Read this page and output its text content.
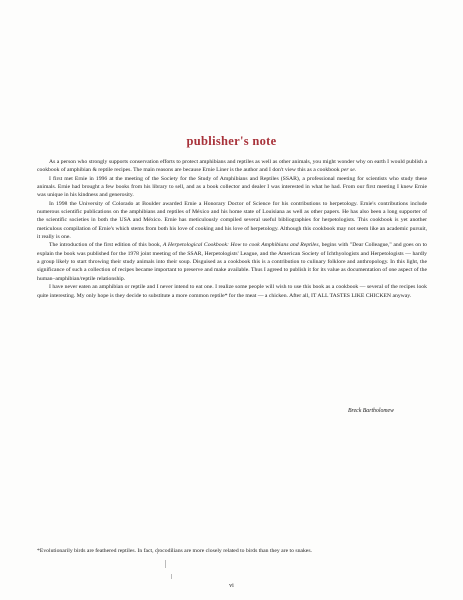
publisher's note

As a person who strongly supports conservation efforts to protect amphibians and reptiles as well as other animals, you might wonder why on earth I would publish a cookbook of amphibian & reptile recipes. The main reasons are because Ernie Liner is the author and I don't view this as a cookbook per se.

I first met Ernie in 1996 at the meeting of the Society for the Study of Amphibians and Reptiles (SSAR), a professional meeting for scientists who study these animals. Ernie had brought a few books from his library to sell, and as a book collector and dealer I was interested in what he had. From our first meeting I knew Ernie was unique in his kindness and generosity.

In 1998 the University of Colorado at Boulder awarded Ernie a Honorary Doctor of Science for his contributions to herpetology. Ernie's contributions include numerous scientific publications on the amphibians and reptiles of México and his home state of Louisiana as well as other papers. He has also been a long supporter of the scientific societies in both the USA and México. Ernie has meticulously compiled several useful bibliographies for herpetologists. This cookbook is yet another meticulous compilation of Ernie's which stems from both his love of cooking and his love of herpetology. Although this cookbook may not seem like an academic pursuit, it really is one.

The introduction of the first edition of this book, A Herpetological Cookbook: How to cook Amphibians and Reptiles, begins with "Dear Colleague," and goes on to explain the book was published for the 1978 joint meeting of the SSAR, Herpetologists' League, and the American Society of Ichthyologists and Herpetologists — hardly a group likely to start throwing their study animals into their soup. Disguised as a cookbook this is a contribution to culinary folklore and anthropology. In this light, the significance of such a collection of recipes became important to preserve and make available. Thus I agreed to publish it for its value as documentation of one aspect of the human–amphibian/reptile relationship.

I have never eaten an amphibian or reptile and I never intend to eat one. I realize some people will wish to use this book as a cookbook — several of the recipes look quite interesting. My only hope is they decide to substitute a more common reptile* for the meat — a chicken. After all, IT ALL TASTES LIKE CHICKEN anyway.

Breck Bartholomew
*Evolutionarily birds are feathered reptiles. In fact, crocodilians are more closely related to birds than they are to snakes.
vi
